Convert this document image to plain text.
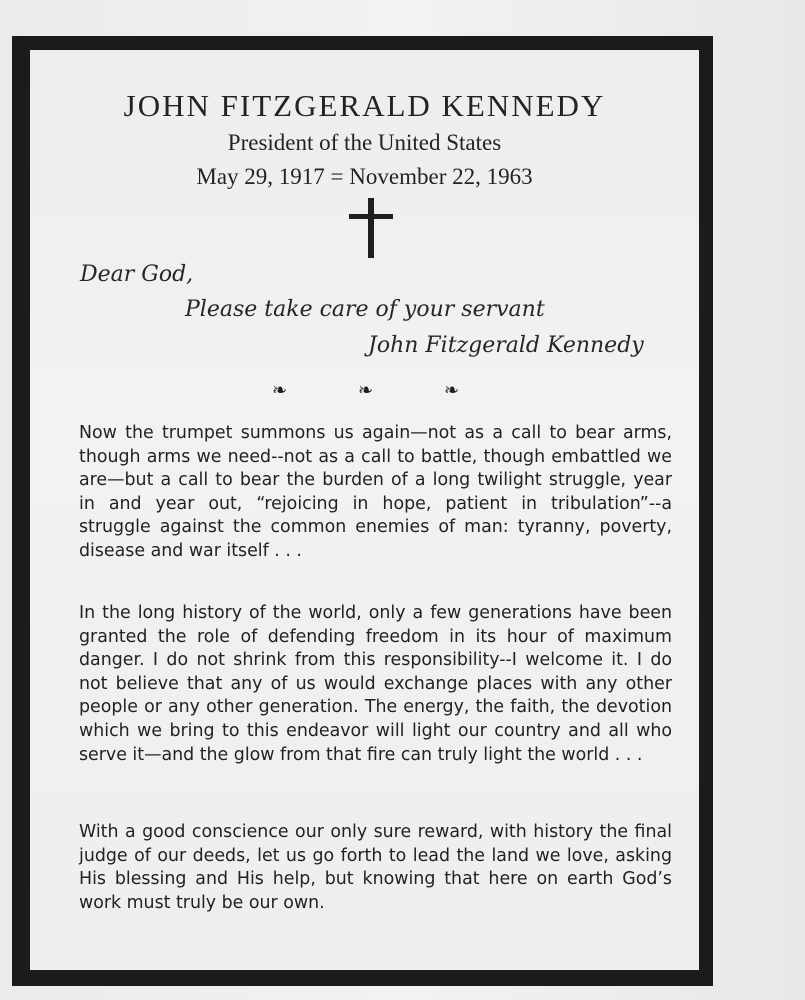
JOHN FITZGERALD KENNEDY
President of the United States
May 29, 1917 = November 22, 1963
Dear God,
Please take care of your servant
John Fitzgerald Kennedy
❧	❧	❧

Now the trumpet summons us again—not as a call to bear arms, though arms we need--not as a call to battle, though embattled we are—but a call to bear the burden of a long twilight struggle, year in and year out, “rejoicing in hope, patient in tribulation”--a struggle against the common enemies of man: tyranny, poverty, disease and war itself . . .

In the long history of the world, only a few generations have been granted the role of defending freedom in its hour of maximum danger. I do not shrink from this responsibility--I welcome it. I do not believe that any of us would exchange places with any other people or any other generation. The energy, the faith, the devotion which we bring to this endeavor will light our country and all who serve it—and the glow from that fire can truly light the world . . .

With a good conscience our only sure reward, with history the final judge of our deeds, let us go forth to lead the land we love, asking His blessing and His help, but knowing that here on earth God’s work must truly be our own.
